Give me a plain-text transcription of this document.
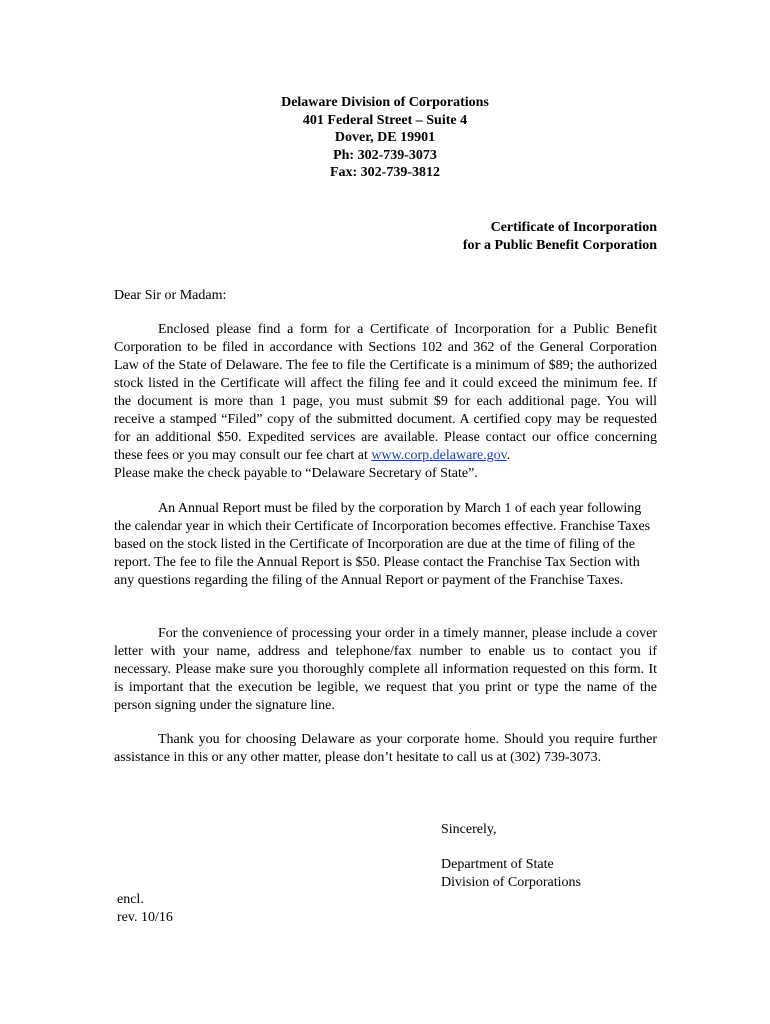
Delaware Division of Corporations
401 Federal Street – Suite 4
Dover, DE 19901
Ph: 302-739-3073
Fax: 302-739-3812
Certificate of Incorporation
for a Public Benefit Corporation
Dear Sir or Madam:

Enclosed please find a form for a Certificate of Incorporation for a Public Benefit Corporation to be filed in accordance with Sections 102 and 362 of the General Corporation Law of the State of Delaware. The fee to file the Certificate is a minimum of $89; the authorized stock listed in the Certificate will affect the filing fee and it could exceed the minimum fee. If the document is more than 1 page, you must submit $9 for each additional page. You will receive a stamped “Filed” copy of the submitted document. A certified copy may be requested for an additional $50. Expedited services are available. Please contact our office concerning these fees or you may consult our fee chart at www.corp.delaware.gov.
Please make the check payable to “Delaware Secretary of State”.

An Annual Report must be filed by the corporation by March 1 of each year following the calendar year in which their Certificate of Incorporation becomes effective. Franchise Taxes based on the stock listed in the Certificate of Incorporation are due at the time of filing of the report. The fee to file the Annual Report is $50. Please contact the Franchise Tax Section with any questions regarding the filing of the Annual Report or payment of the Franchise Taxes.

For the convenience of processing your order in a timely manner, please include a cover letter with your name, address and telephone/fax number to enable us to contact you if necessary. Please make sure you thoroughly complete all information requested on this form. It is important that the execution be legible, we request that you print or type the name of the person signing under the signature line.

Thank you for choosing Delaware as your corporate home. Should you require further assistance in this or any other matter, please don’t hesitate to call us at (302) 739-3073.

Sincerely,
Department of State
Division of Corporations
encl.
rev. 10/16
